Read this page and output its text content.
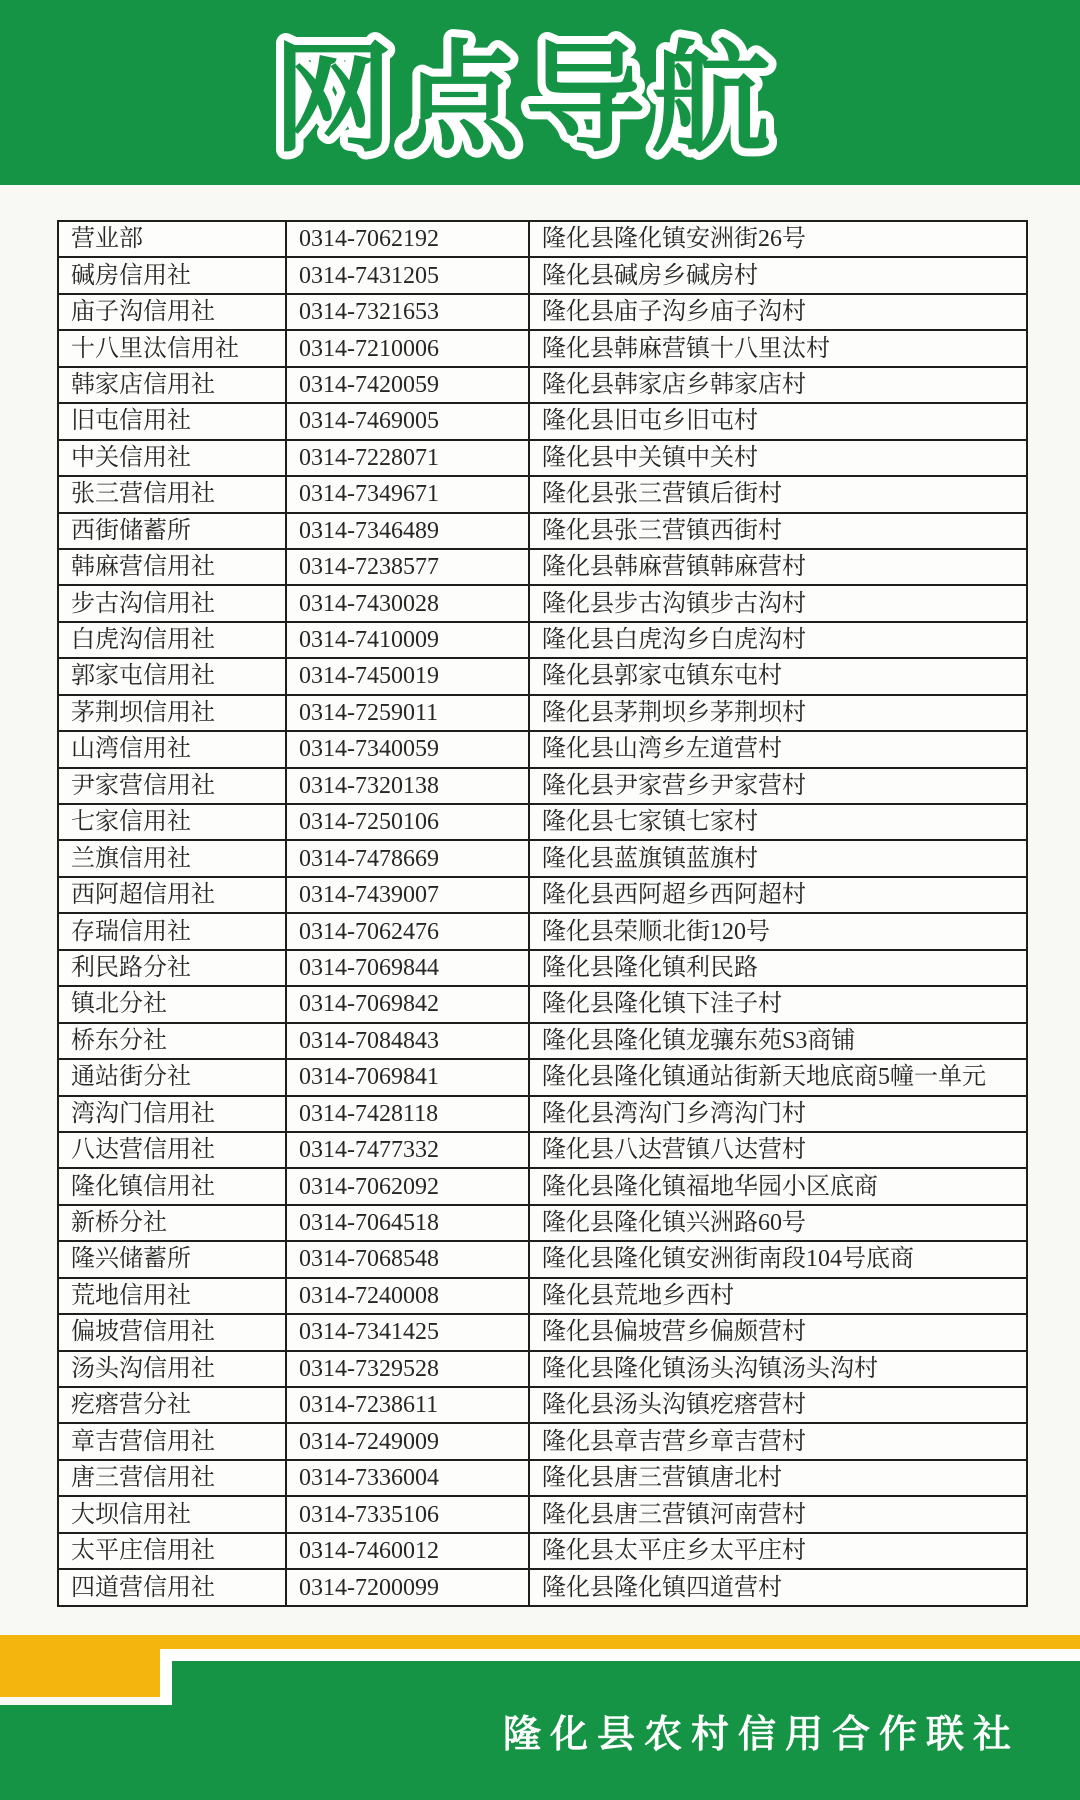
网点导航
营业部	0314-7062192	隆化县隆化镇安洲街26号
碱房信用社	0314-7431205	隆化县碱房乡碱房村
庙子沟信用社	0314-7321653	隆化县庙子沟乡庙子沟村
十八里汰信用社	0314-7210006	隆化县韩麻营镇十八里汰村
韩家店信用社	0314-7420059	隆化县韩家店乡韩家店村
旧屯信用社	0314-7469005	隆化县旧屯乡旧屯村
中关信用社	0314-7228071	隆化县中关镇中关村
张三营信用社	0314-7349671	隆化县张三营镇后街村
西街储蓄所	0314-7346489	隆化县张三营镇西街村
韩麻营信用社	0314-7238577	隆化县韩麻营镇韩麻营村
步古沟信用社	0314-7430028	隆化县步古沟镇步古沟村
白虎沟信用社	0314-7410009	隆化县白虎沟乡白虎沟村
郭家屯信用社	0314-7450019	隆化县郭家屯镇东屯村
茅荆坝信用社	0314-7259011	隆化县茅荆坝乡茅荆坝村
山湾信用社	0314-7340059	隆化县山湾乡左道营村
尹家营信用社	0314-7320138	隆化县尹家营乡尹家营村
七家信用社	0314-7250106	隆化县七家镇七家村
兰旗信用社	0314-7478669	隆化县蓝旗镇蓝旗村
西阿超信用社	0314-7439007	隆化县西阿超乡西阿超村
存瑞信用社	0314-7062476	隆化县荣顺北街120号
利民路分社	0314-7069844	隆化县隆化镇利民路
镇北分社	0314-7069842	隆化县隆化镇下洼子村
桥东分社	0314-7084843	隆化县隆化镇龙骧东苑S3商铺
通站街分社	0314-7069841	隆化县隆化镇通站街新天地底商5幢一单元
湾沟门信用社	0314-7428118	隆化县湾沟门乡湾沟门村
八达营信用社	0314-7477332	隆化县八达营镇八达营村
隆化镇信用社	0314-7062092	隆化县隆化镇福地华园小区底商
新桥分社	0314-7064518	隆化县隆化镇兴洲路60号
隆兴储蓄所	0314-7068548	隆化县隆化镇安洲街南段104号底商
荒地信用社	0314-7240008	隆化县荒地乡西村
偏坡营信用社	0314-7341425	隆化县偏坡营乡偏颇营村
汤头沟信用社	0314-7329528	隆化县隆化镇汤头沟镇汤头沟村
疙瘩营分社	0314-7238611	隆化县汤头沟镇疙瘩营村
章吉营信用社	0314-7249009	隆化县章吉营乡章吉营村
唐三营信用社	0314-7336004	隆化县唐三营镇唐北村
大坝信用社	0314-7335106	隆化县唐三营镇河南营村
太平庄信用社	0314-7460012	隆化县太平庄乡太平庄村
四道营信用社	0314-7200099	隆化县隆化镇四道营村
隆化县农村信用合作联社
